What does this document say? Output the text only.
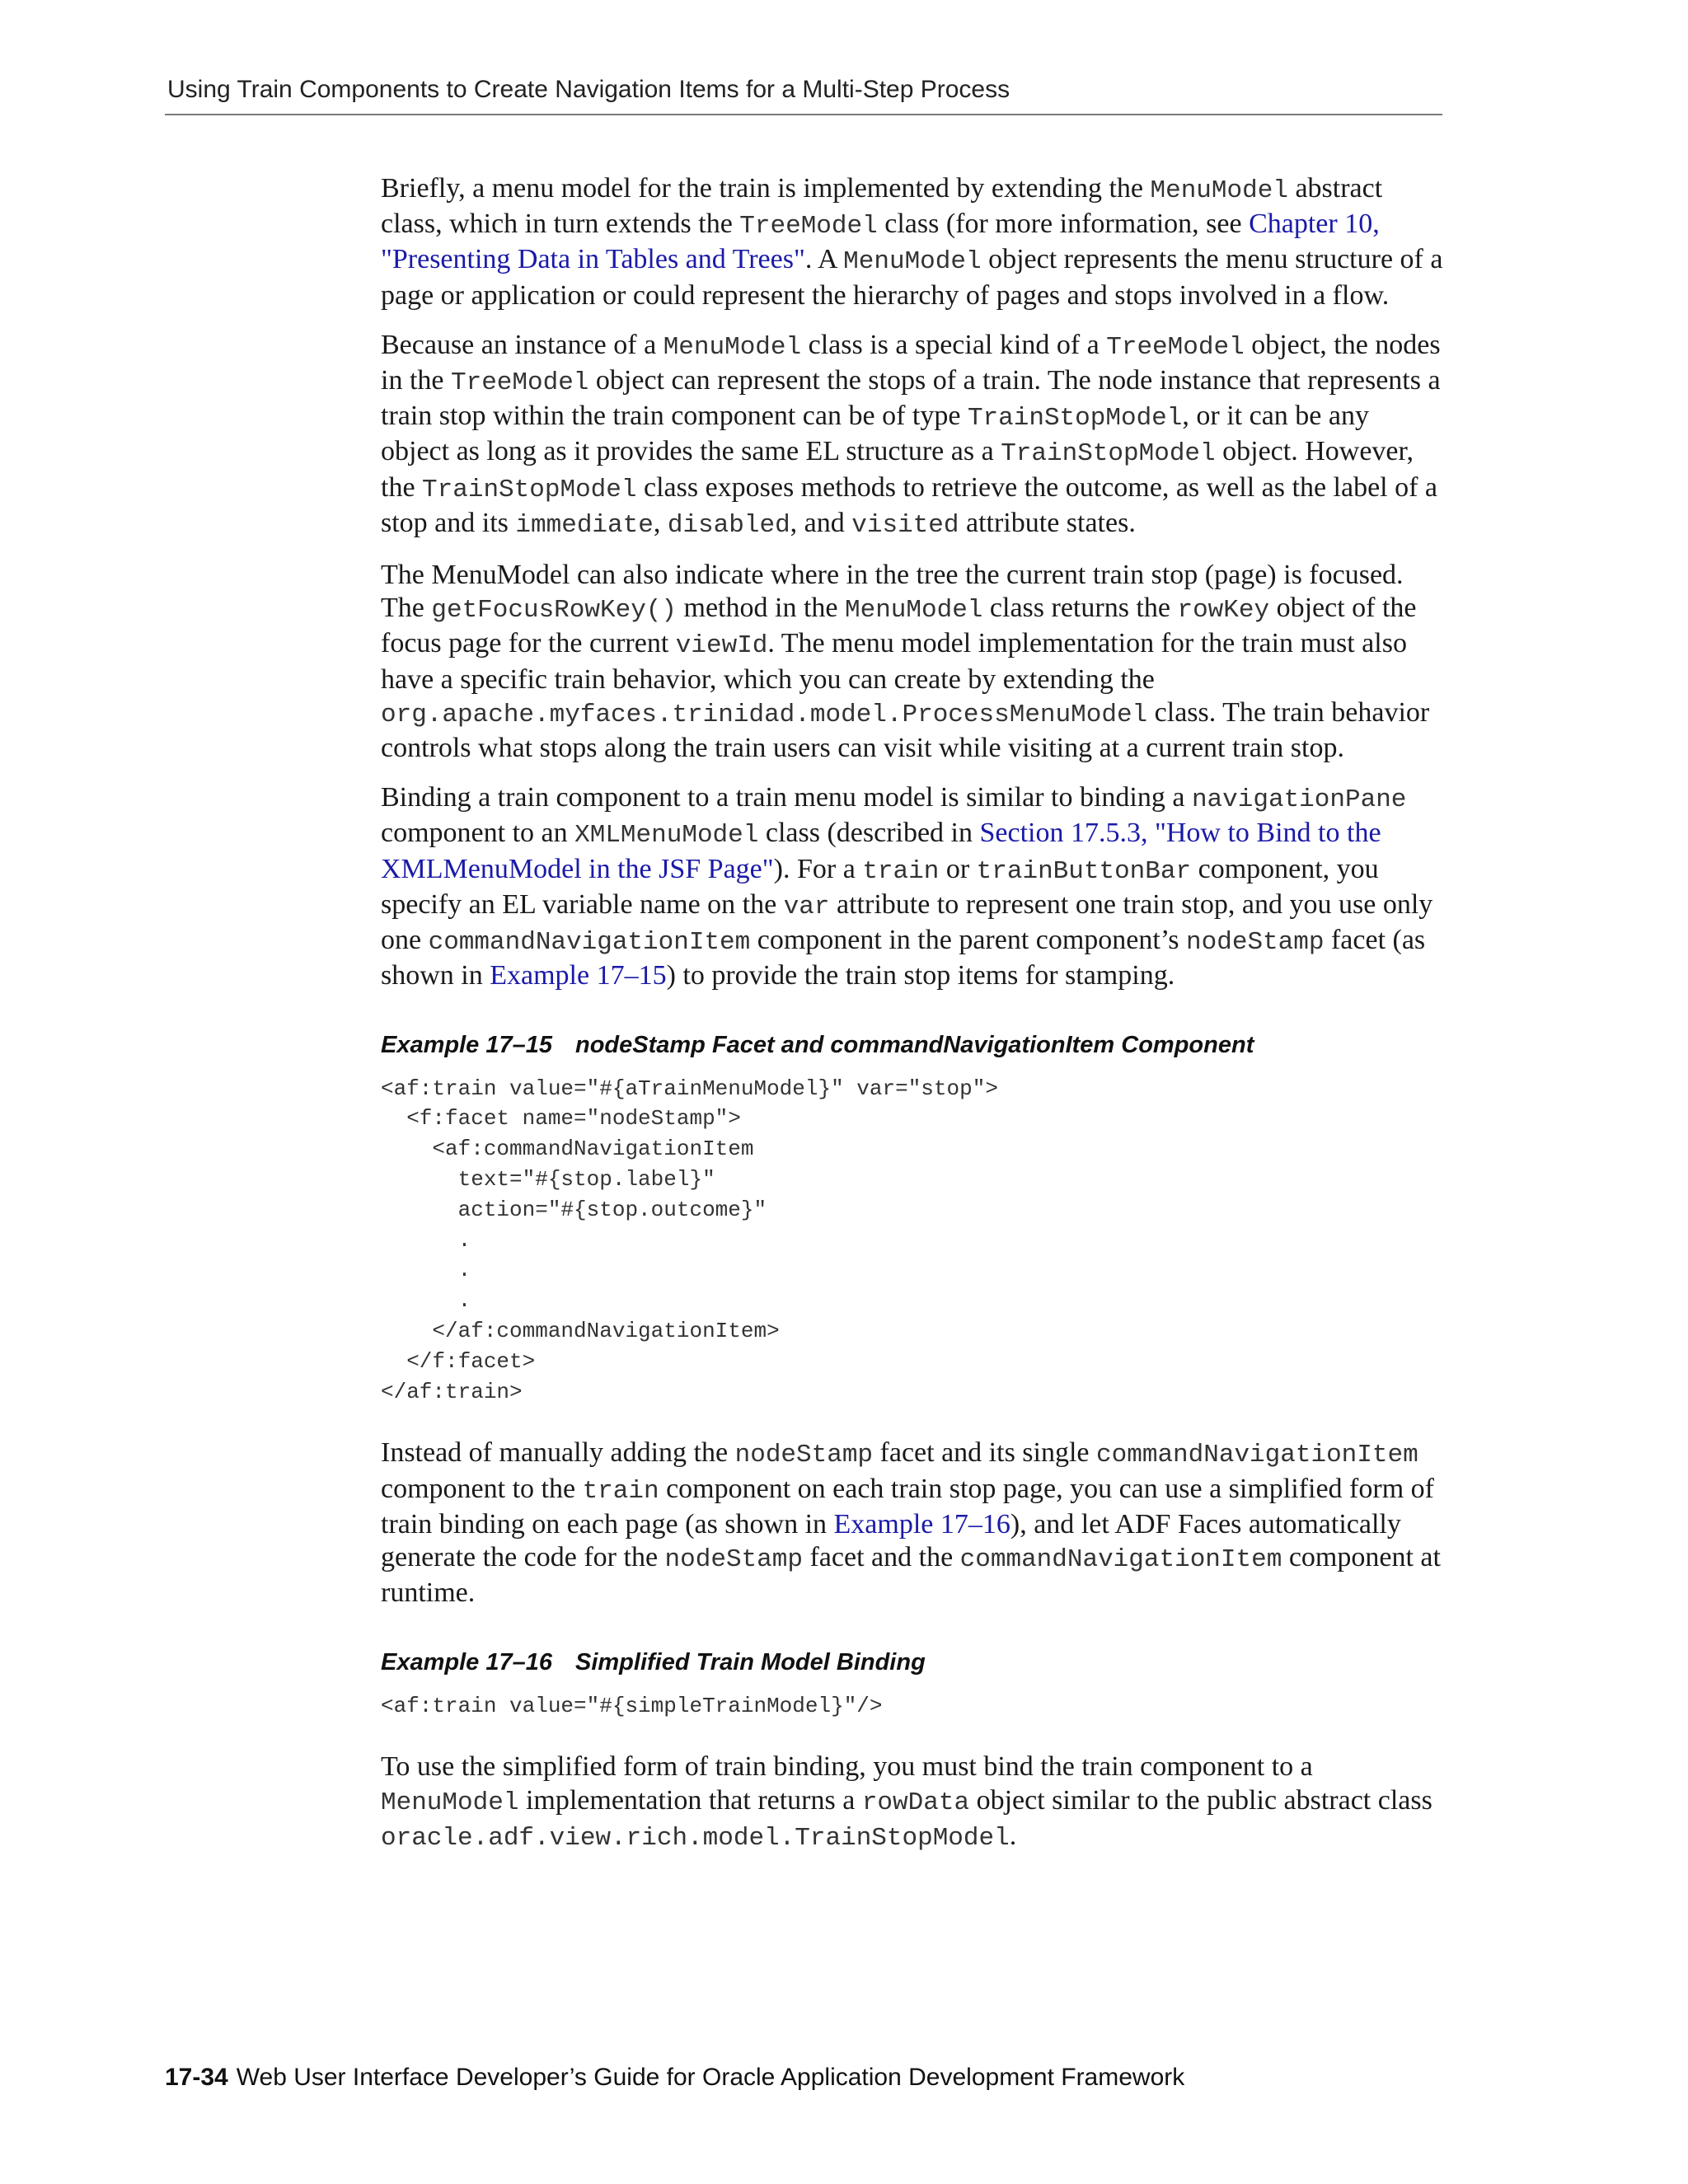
Using Train Components to Create Navigation Items for a Multi-Step Process

Briefly, a menu model for the train is implemented by extending the MenuModel abstract class, which in turn extends the TreeModel class (for more information, see Chapter 10, "Presenting Data in Tables and Trees". A MenuModel object represents the menu structure of a page or application or could represent the hierarchy of pages and stops involved in a flow.

Because an instance of a MenuModel class is a special kind of a TreeModel object, the nodes in the TreeModel object can represent the stops of a train. The node instance that represents a train stop within the train component can be of type TrainStopModel, or it can be any object as long as it provides the same EL structure as a TrainStopModel object. However, the TrainStopModel class exposes methods to retrieve the outcome, as well as the label of a stop and its immediate, disabled, and visited attribute states.

The MenuModel can also indicate where in the tree the current train stop (page) is focused. The getFocusRowKey() method in the MenuModel class returns the rowKey object of the focus page for the current viewId. The menu model implementation for the train must also have a specific train behavior, which you can create by extending the org.apache.myfaces.trinidad.model.ProcessMenuModel class. The train behavior controls what stops along the train users can visit while visiting at a current train stop.

Binding a train component to a train menu model is similar to binding a navigationPane component to an XMLMenuModel class (described in Section 17.5.3, "How to Bind to the XMLMenuModel in the JSF Page"). For a train or trainButtonBar component, you specify an EL variable name on the var attribute to represent one train stop, and you use only one commandNavigationItem component in the parent component’s nodeStamp facet (as shown in Example 17–15) to provide the train stop items for stamping.

Example 17–15 nodeStamp Facet and commandNavigationItem Component
<af:train value="#{aTrainMenuModel}" var="stop">
<f:facet name="nodeStamp">
<af:commandNavigationItem
text="#{stop.label}"
action="#{stop.outcome}"
.
.
.
</af:commandNavigationItem>
</f:facet>
</af:train>

Instead of manually adding the nodeStamp facet and its single commandNavigationItem component to the train component on each train stop page, you can use a simplified form of train binding on each page (as shown in Example 17–16), and let ADF Faces automatically generate the code for the nodeStamp facet and the commandNavigationItem component at runtime.

Example 17–16 Simplified Train Model Binding
<af:train value="#{simpleTrainModel}"/>

To use the simplified form of train binding, you must bind the train component to a MenuModel implementation that returns a rowData object similar to the public abstract class oracle.adf.view.rich.model.TrainStopModel.

17-34 Web User Interface Developer’s Guide for Oracle Application Development Framework
